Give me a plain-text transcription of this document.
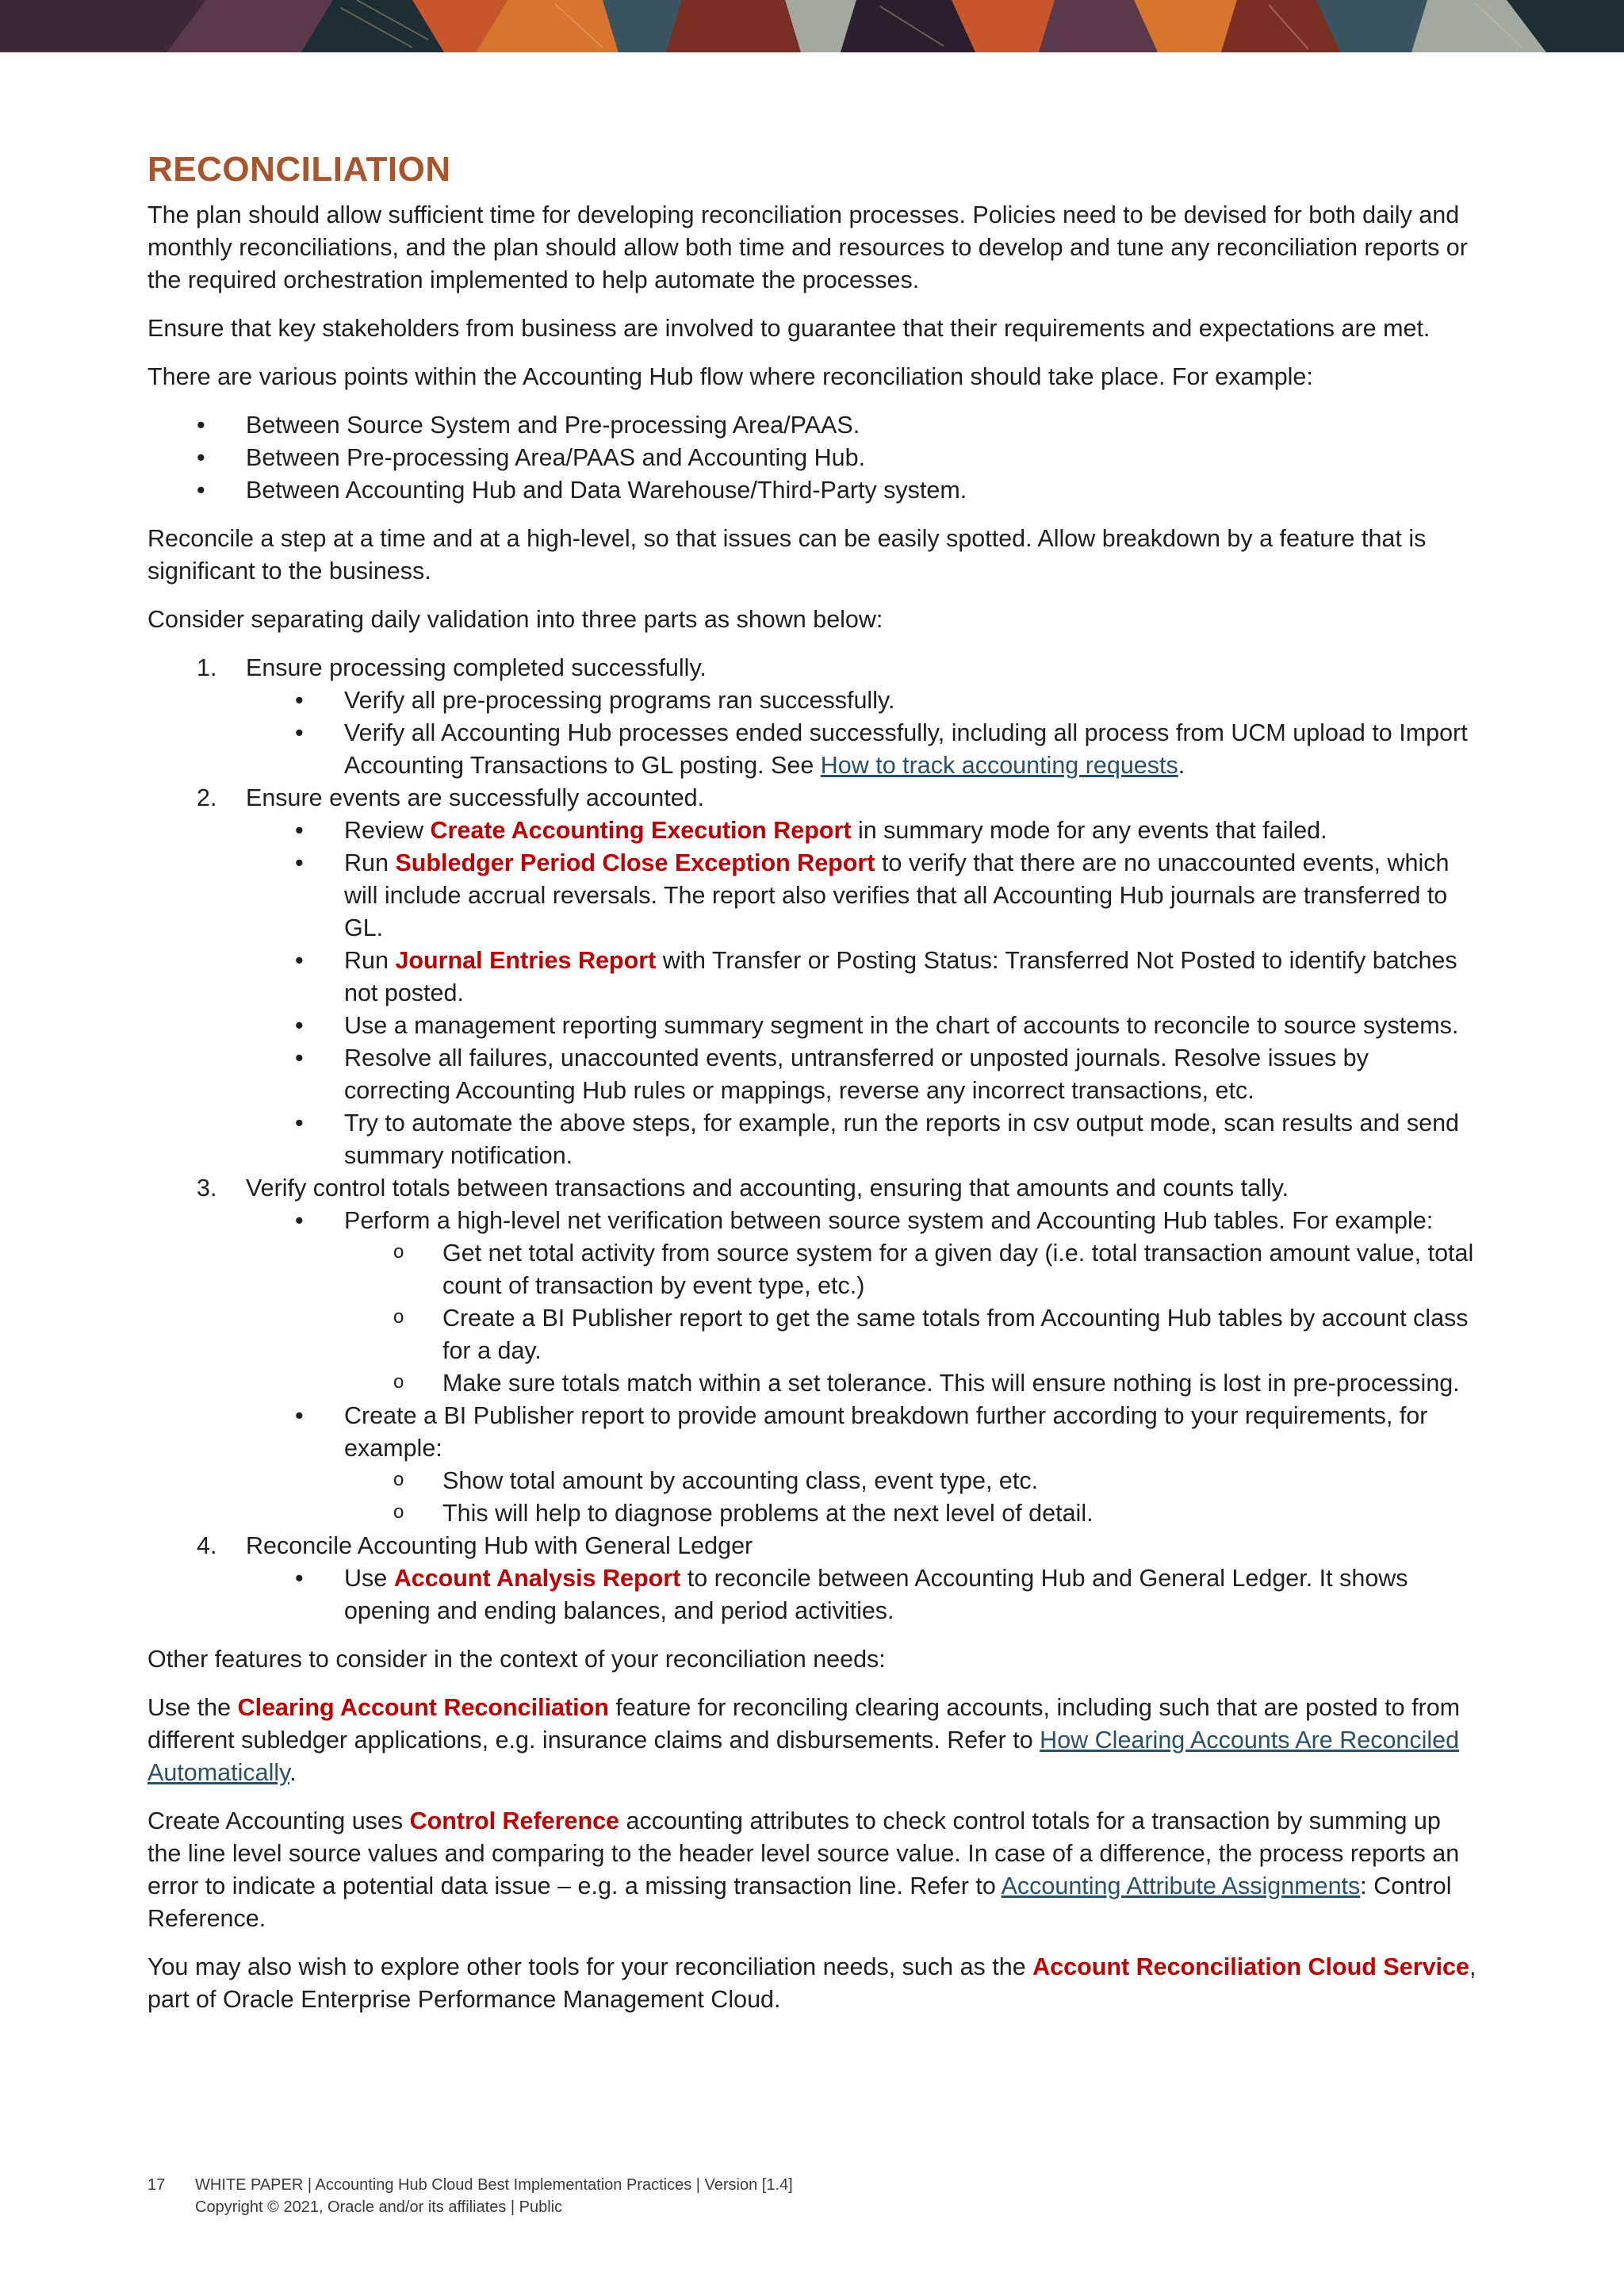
RECONCILIATION

The plan should allow sufficient time for developing reconciliation processes. Policies need to be devised for both daily and monthly reconciliations, and the plan should allow both time and resources to develop and tune any reconciliation reports or the required orchestration implemented to help automate the processes.

Ensure that key stakeholders from business are involved to guarantee that their requirements and expectations are met.

There are various points within the Accounting Hub flow where reconciliation should take place. For example:

• Between Source System and Pre-processing Area/PAAS.
• Between Pre-processing Area/PAAS and Accounting Hub.
• Between Accounting Hub and Data Warehouse/Third-Party system.

Reconcile a step at a time and at a high-level, so that issues can be easily spotted. Allow breakdown by a feature that is significant to the business.

Consider separating daily validation into three parts as shown below:

1. Ensure processing completed successfully.
• Verify all pre-processing programs ran successfully.
• Verify all Accounting Hub processes ended successfully, including all process from UCM upload to Import Accounting Transactions to GL posting. See How to track accounting requests.
2. Ensure events are successfully accounted.
• Review Create Accounting Execution Report in summary mode for any events that failed.
• Run Subledger Period Close Exception Report to verify that there are no unaccounted events, which will include accrual reversals. The report also verifies that all Accounting Hub journals are transferred to GL.
• Run Journal Entries Report with Transfer or Posting Status: Transferred Not Posted to identify batches not posted.
• Use a management reporting summary segment in the chart of accounts to reconcile to source systems.
• Resolve all failures, unaccounted events, untransferred or unposted journals. Resolve issues by correcting Accounting Hub rules or mappings, reverse any incorrect transactions, etc.
• Try to automate the above steps, for example, run the reports in csv output mode, scan results and send summary notification.
3. Verify control totals between transactions and accounting, ensuring that amounts and counts tally.
• Perform a high-level net verification between source system and Accounting Hub tables. For example:
o Get net total activity from source system for a given day (i.e. total transaction amount value, total count of transaction by event type, etc.)
o Create a BI Publisher report to get the same totals from Accounting Hub tables by account class for a day.
o Make sure totals match within a set tolerance. This will ensure nothing is lost in pre-processing.
• Create a BI Publisher report to provide amount breakdown further according to your requirements, for example:
o Show total amount by accounting class, event type, etc.
o This will help to diagnose problems at the next level of detail.
4. Reconcile Accounting Hub with General Ledger
• Use Account Analysis Report to reconcile between Accounting Hub and General Ledger. It shows opening and ending balances, and period activities.

Other features to consider in the context of your reconciliation needs:

Use the Clearing Account Reconciliation feature for reconciling clearing accounts, including such that are posted to from different subledger applications, e.g. insurance claims and disbursements. Refer to How Clearing Accounts Are Reconciled Automatically.

Create Accounting uses Control Reference accounting attributes to check control totals for a transaction by summing up the line level source values and comparing to the header level source value. In case of a difference, the process reports an error to indicate a potential data issue – e.g. a missing transaction line. Refer to Accounting Attribute Assignments: Control Reference.

You may also wish to explore other tools for your reconciliation needs, such as the Account Reconciliation Cloud Service, part of Oracle Enterprise Performance Management Cloud.

17 WHITE PAPER | Accounting Hub Cloud Best Implementation Practices | Version [1.4]
Copyright © 2021, Oracle and/or its affiliates | Public
